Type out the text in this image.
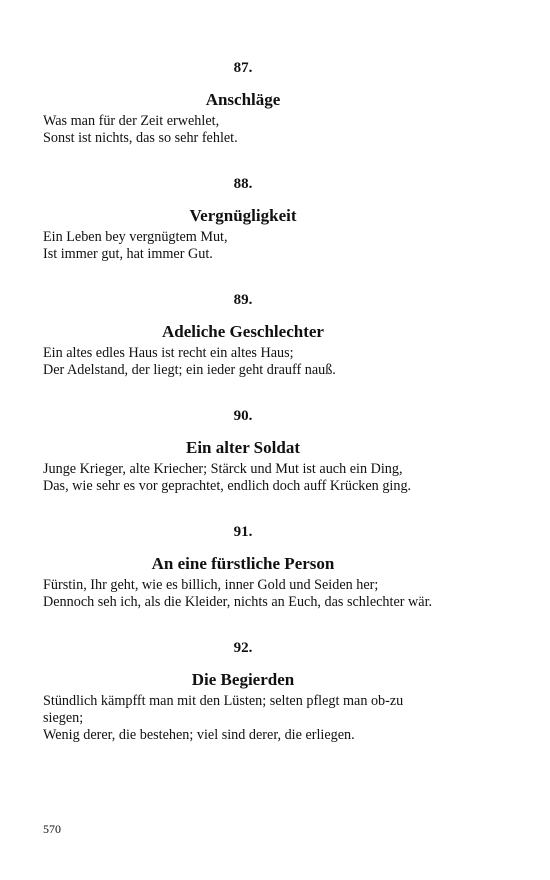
87.
Anschläge
Was man für der Zeit erwehlet,
Sonst ist nichts, das so sehr fehlet.
88.
Vergnügligkeit
Ein Leben bey vergnügtem Mut,
Ist immer gut, hat immer Gut.
89.
Adeliche Geschlechter
Ein altes edles Haus ist recht ein altes Haus;
Der Adelstand, der liegt; ein ieder geht drauff nauß.
90.
Ein alter Soldat
Junge Krieger, alte Kriecher; Stärck und Mut ist auch ein Ding,
Das, wie sehr es vor geprachtet, endlich doch auff Krücken ging.
91.
An eine fürstliche Person
Fürstin, Ihr geht, wie es billich, inner Gold und Seiden her;
Dennoch seh ich, als die Kleider, nichts an Euch, das schlechter wär.
92.
Die Begierden
Stündlich kämpfft man mit den Lüsten; selten pflegt man ob-zu siegen;
Wenig derer, die bestehen; viel sind derer, die erliegen.
570
